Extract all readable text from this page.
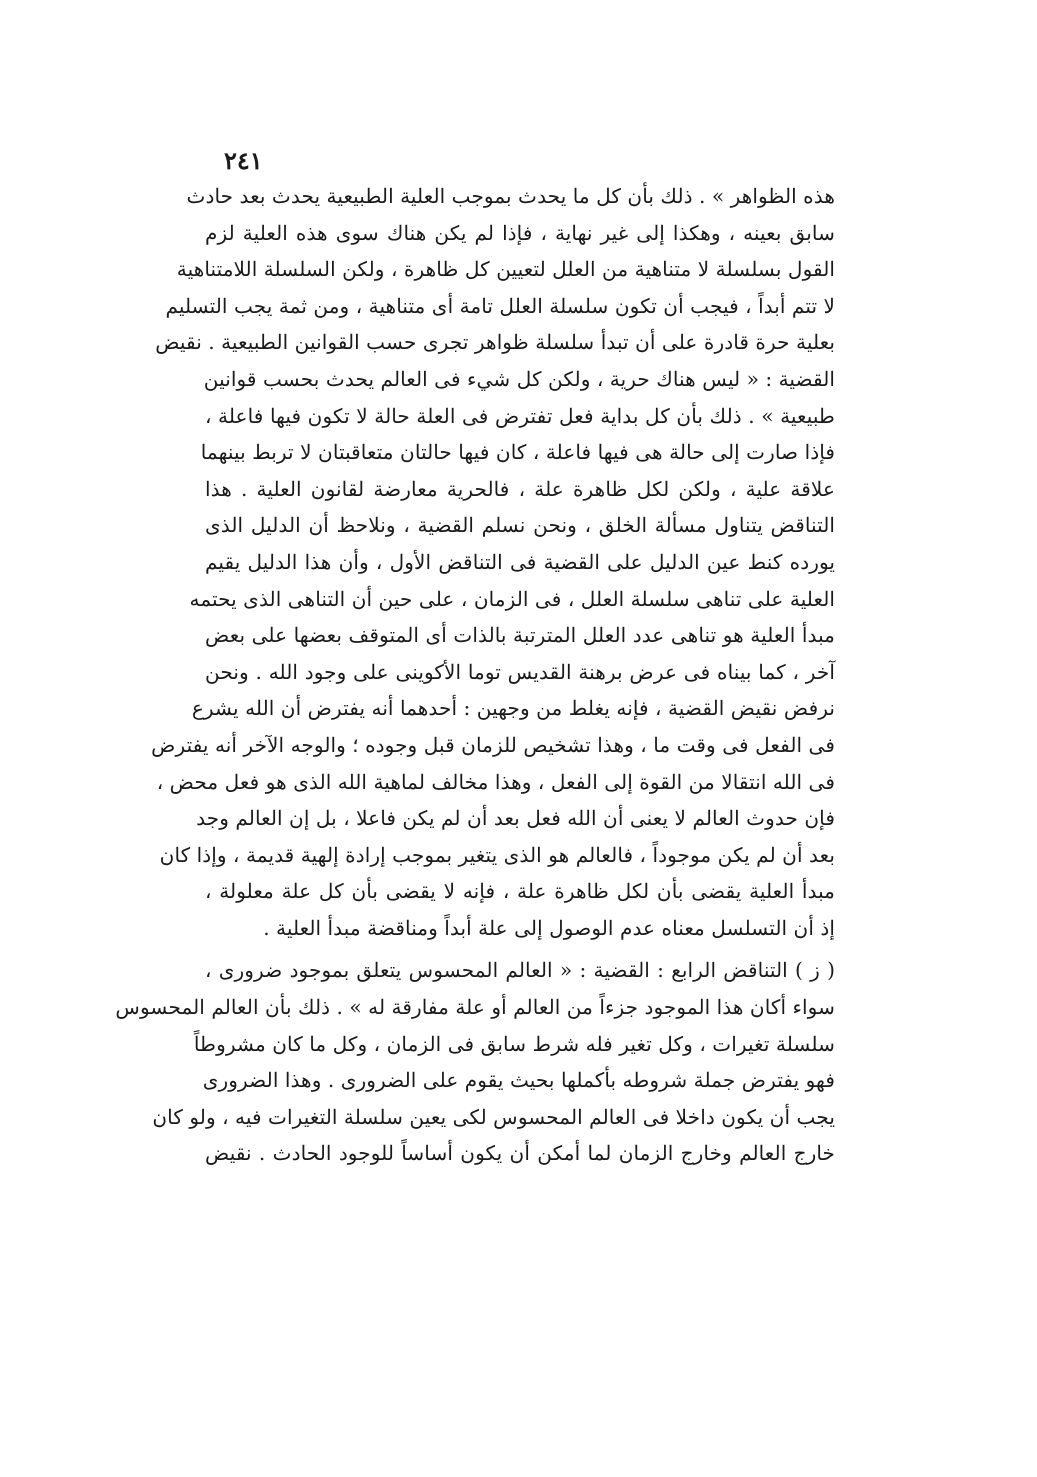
٢٤١

هذه الظواهر » . ذلك بأن كل ما يحدث بموجب العلية الطبيعية يحدث بعد حادث
سابق بعينه ، وهكذا إلى غير نهاية ، فإذا لم يكن هناك سوى هذه العلية لزم
القول بسلسلة لا متناهية من العلل لتعيين كل ظاهرة ، ولكن السلسلة اللامتناهية
لا تتم أبداً ، فيجب أن تكون سلسلة العلل تامة أى متناهية ، ومن ثمة يجب التسليم
بعلية حرة قادرة على أن تبدأ سلسلة ظواهر تجرى حسب القوانين الطبيعية . نقيض
القضية : « ليس هناك حرية ، ولكن كل شيء فى العالم يحدث بحسب قوانين
طبيعية » . ذلك بأن كل بداية فعل تفترض فى العلة حالة لا تكون فيها فاعلة ،
فإذا صارت إلى حالة هى فيها فاعلة ، كان فيها حالتان متعاقبتان لا تربط بينهما
علاقة علية ، ولكن لكل ظاهرة علة ، فالحرية معارضة لقانون العلية . هذا
التناقض يتناول مسألة الخلق ، ونحن نسلم القضية ، ونلاحظ أن الدليل الذى
يورده كنط عين الدليل على القضية فى التناقض الأول ، وأن هذا الدليل يقيم
العلية على تناهى سلسلة العلل ، فى الزمان ، على حين أن التناهى الذى يحتمه
مبدأ العلية هو تناهى عدد العلل المترتبة بالذات أى المتوقف بعضها على بعض
آخر ، كما بيناه فى عرض برهنة القديس توما الأكوينى على وجود الله . ونحن
نرفض نقيض القضية ، فإنه يغلط من وجهين : أحدهما أنه يفترض أن الله يشرع
فى الفعل فى وقت ما ، وهذا تشخيص للزمان قبل وجوده ؛ والوجه الآخر أنه يفترض
فى الله انتقالا من القوة إلى الفعل ، وهذا مخالف لماهية الله الذى هو فعل محض ،
فإن حدوث العالم لا يعنى أن الله فعل بعد أن لم يكن فاعلا ، بل إن العالم وجد
بعد أن لم يكن موجوداً ، فالعالم هو الذى يتغير بموجب إرادة إلهية قديمة ، وإذا كان
مبدأ العلية يقضى بأن لكل ظاهرة علة ، فإنه لا يقضى بأن كل علة معلولة ،
إذ أن التسلسل معناه عدم الوصول إلى علة أبداً ومناقضة مبدأ العلية .

( ز ) التناقض الرابع : القضية : « العالم المحسوس يتعلق بموجود ضرورى ،
سواء أكان هذا الموجود جزءاً من العالم أو علة مفارقة له » . ذلك بأن العالم المحسوس
سلسلة تغيرات ، وكل تغير فله شرط سابق فى الزمان ، وكل ما كان مشروطاً
فهو يفترض جملة شروطه بأكملها بحيث يقوم على الضرورى . وهذا الضرورى
يجب أن يكون داخلا فى العالم المحسوس لكى يعين سلسلة التغيرات فيه ، ولو كان
خارج العالم وخارج الزمان لما أمكن أن يكون أساساً للوجود الحادث . نقيض
